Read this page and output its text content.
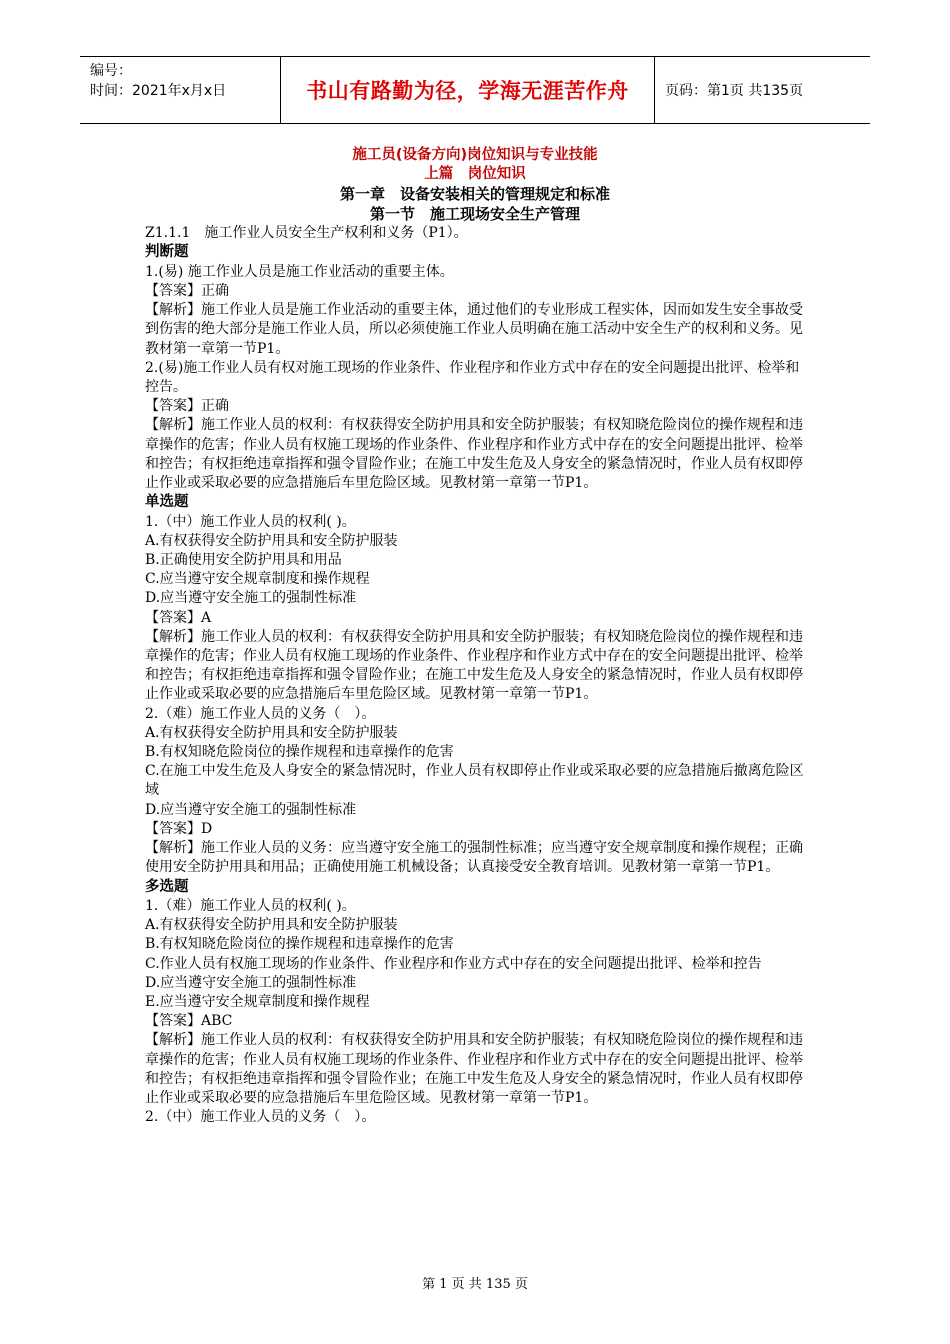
编号：
时间：2021年x月x日	书山有路勤为径，学海无涯苦作舟	页码：第1页 共135页
施工员(设备方向)岗位知识与专业技能
上篇　岗位知识
第一章　设备安装相关的管理规定和标准
第一节　施工现场安全生产管理

Z1.1.1　施工作业人员安全生产权利和义务（P1）。

判断题

1.(易) 施工作业人员是施工作业活动的重要主体。

【答案】正确

【解析】施工作业人员是施工作业活动的重要主体，通过他们的专业形成工程实体，因而如发生安全事故受到伤害的绝大部分是施工作业人员，所以必须使施工作业人员明确在施工活动中安全生产的权利和义务。见教材第一章第一节P1。

2.(易)施工作业人员有权对施工现场的作业条件、作业程序和作业方式中存在的安全问题提出批评、检举和控告。

【答案】正确

【解析】施工作业人员的权利：有权获得安全防护用具和安全防护服装；有权知晓危险岗位的操作规程和违章操作的危害；作业人员有权施工现场的作业条件、作业程序和作业方式中存在的安全问题提出批评、检举和控告；有权拒绝违章指挥和强令冒险作业；在施工中发生危及人身安全的紧急情况时，作业人员有权即停止作业或采取必要的应急措施后车里危险区域。见教材第一章第一节P1。

单选题

1.（中）施工作业人员的权利( )。

A.有权获得安全防护用具和安全防护服装

B.正确使用安全防护用具和用品

C.应当遵守安全规章制度和操作规程

D.应当遵守安全施工的强制性标准

【答案】A

【解析】施工作业人员的权利：有权获得安全防护用具和安全防护服装；有权知晓危险岗位的操作规程和违章操作的危害；作业人员有权施工现场的作业条件、作业程序和作业方式中存在的安全问题提出批评、检举和控告；有权拒绝违章指挥和强令冒险作业；在施工中发生危及人身安全的紧急情况时，作业人员有权即停止作业或采取必要的应急措施后车里危险区域。见教材第一章第一节P1。

2.（难）施工作业人员的义务（　）。

A.有权获得安全防护用具和安全防护服装

B.有权知晓危险岗位的操作规程和违章操作的危害

C.在施工中发生危及人身安全的紧急情况时，作业人员有权即停止作业或采取必要的应急措施后撤离危险区域

D.应当遵守安全施工的强制性标准

【答案】D

【解析】施工作业人员的义务：应当遵守安全施工的强制性标准；应当遵守安全规章制度和操作规程；正确使用安全防护用具和用品；正确使用施工机械设备；认真接受安全教育培训。见教材第一章第一节P1。

多选题

1.（难）施工作业人员的权利( )。

A.有权获得安全防护用具和安全防护服装

B.有权知晓危险岗位的操作规程和违章操作的危害

C.作业人员有权施工现场的作业条件、作业程序和作业方式中存在的安全问题提出批评、检举和控告

D.应当遵守安全施工的强制性标准

E.应当遵守安全规章制度和操作规程

【答案】ABC

【解析】施工作业人员的权利：有权获得安全防护用具和安全防护服装；有权知晓危险岗位的操作规程和违章操作的危害；作业人员有权施工现场的作业条件、作业程序和作业方式中存在的安全问题提出批评、检举和控告；有权拒绝违章指挥和强令冒险作业；在施工中发生危及人身安全的紧急情况时，作业人员有权即停止作业或采取必要的应急措施后车里危险区域。见教材第一章第一节P1。

2.（中）施工作业人员的义务（　）。

第 1 页 共 135 页
